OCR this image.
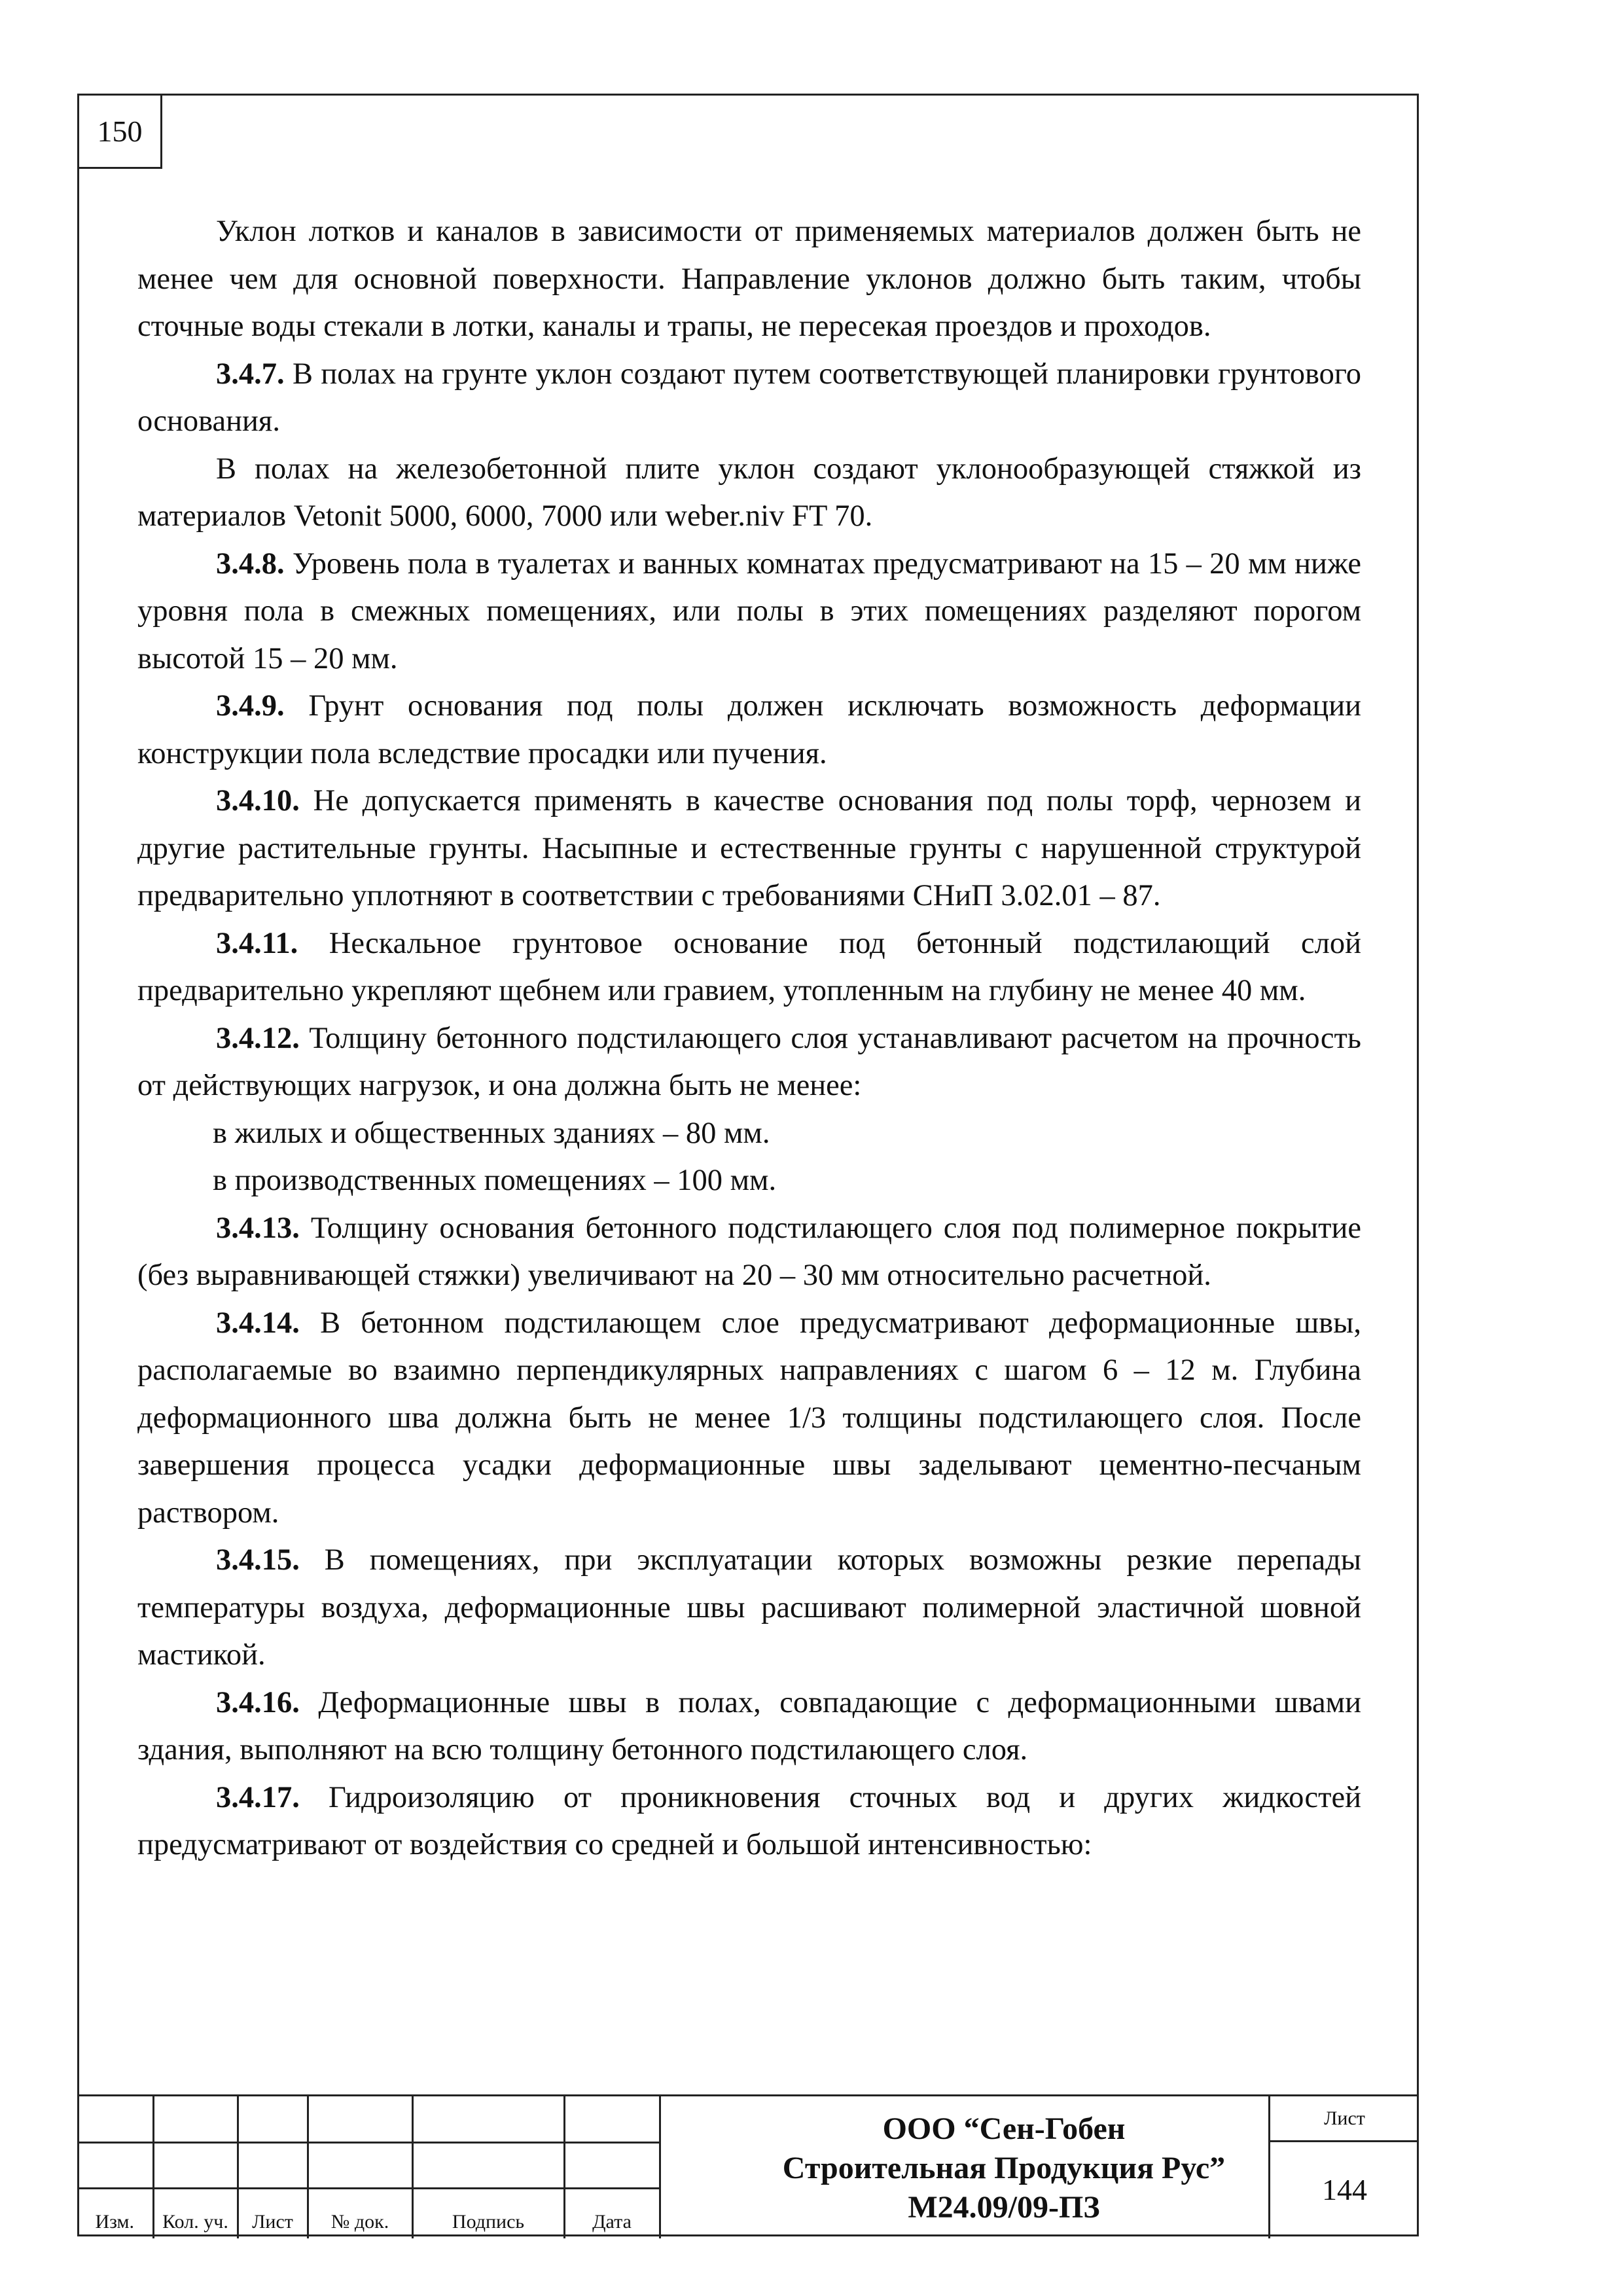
150

Уклон лотков и каналов в зависимости от применяемых материалов должен быть не менее чем для основной поверхности. Направление уклонов должно быть таким, чтобы сточные воды стекали в лотки, каналы и трапы, не пересекая проездов и проходов.

3.4.7. В полах на грунте уклон создают путем соответствующей планировки грунтового основания.

В полах на железобетонной плите уклон создают уклонообразующей стяжкой из материалов Vetonit 5000, 6000, 7000 или weber.niv FT 70.

3.4.8. Уровень пола в туалетах и ванных комнатах предусматривают на 15 – 20 мм ниже уровня пола в смежных помещениях, или полы в этих помещениях разделяют порогом высотой 15 – 20 мм.

3.4.9. Грунт основания под полы должен исключать возможность деформации конструкции пола вследствие просадки или пучения.

3.4.10. Не допускается применять в качестве основания под полы торф, чернозем и другие растительные грунты. Насыпные и естественные грунты с нарушенной структурой предварительно уплотняют в соответствии с требованиями СНиП 3.02.01 – 87.

3.4.11. Нескальное грунтовое основание под бетонный подстилающий слой предварительно укрепляют щебнем или гравием, утопленным на глубину не менее 40 мм.

3.4.12. Толщину бетонного подстилающего слоя устанавливают расчетом на прочность от действующих нагрузок, и она должна быть не менее:

в жилых и общественных зданиях – 80 мм.

в производственных помещениях – 100 мм.

3.4.13. Толщину основания бетонного подстилающего слоя под полимерное покрытие (без выравнивающей стяжки) увеличивают на 20 – 30 мм относительно расчетной.

3.4.14. В бетонном подстилающем слое предусматривают деформационные швы, располагаемые во взаимно перпендикулярных направлениях с шагом 6 – 12 м. Глубина деформационного шва должна быть не менее 1/3 толщины подстилающего слоя. После завершения процесса усадки деформационные швы заделывают цементно-песчаным раствором.

3.4.15. В помещениях, при эксплуатации которых возможны резкие перепады температуры воздуха, деформационные швы расшивают полимерной эластичной шовной мастикой.

3.4.16. Деформационные швы в полах, совпадающие с деформационными швами здания, выполняют на всю толщину бетонного подстилающего слоя.

3.4.17. Гидроизоляцию от проникновения сточных вод и других жидкостей предусматривают от воздействия со средней и большой интенсивностью:

Изм.	Кол. уч.	Лист	№ док.	Подпись	Дата
ООО “Сен-Гобен
Строительная Продукция Рус”
М24.09/09-ПЗ
Лист
144
